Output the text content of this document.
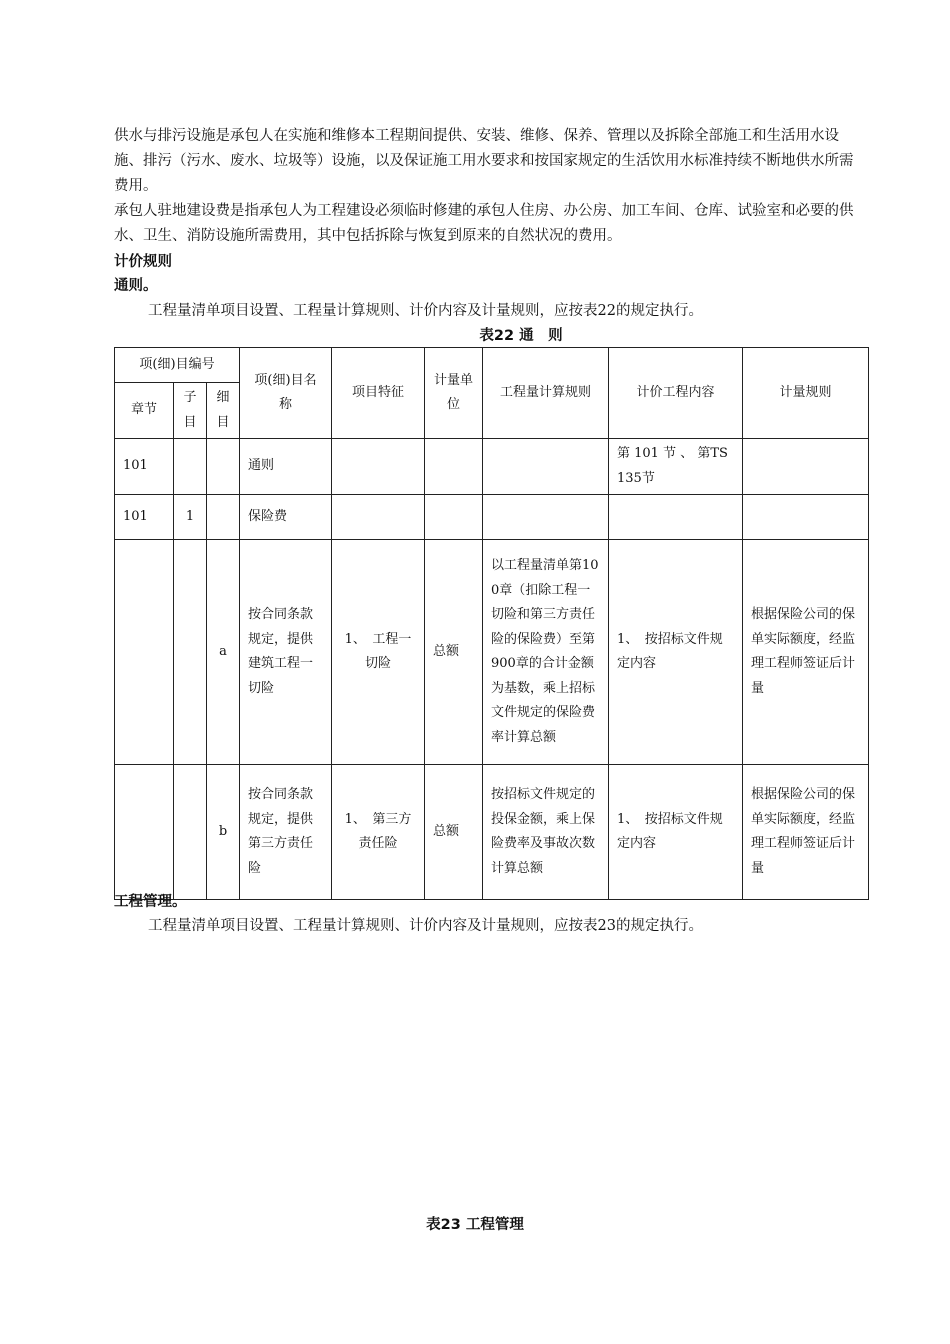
供水与排污设施是承包人在实施和维修本工程期间提供、安装、维修、保养、管理以及拆除全部施工和生活用水设施、排污（污水、废水、垃圾等）设施，以及保证施工用水要求和按国家规定的生活饮用水标准持续不断地供水所需费用。

承包人驻地建设费是指承包人为工程建设必须临时修建的承包人住房、办公房、加工车间、仓库、试验室和必要的供水、卫生、消防设施所需费用，其中包括拆除与恢复到原来的自然状况的费用。

计价规则

通则。

工程量清单项目设置、工程量计算规则、计价内容及计量规则，应按表22的规定执行。

表22 通　则

项(细)目编号			项(细)目名称	项目特征	计量单位	工程量计算规则	计价工程内容	计量规则
章节	子目	细目						
101			通则				第 101 节 、 第TS135节	
101	1		保险费					
		a	按合同条款规定，提供建筑工程一切险	1、　工程一切险	总额	以工程量清单第100章（扣除工程一切险和第三方责任险的保险费）至第900章的合计金额为基数，乘上招标文件规定的保险费率计算总额	1、　按招标文件规定内容	根据保险公司的保单实际额度，经监理工程师签证后计量
		b	按合同条款规定，提供第三方责任险	1、　第三方责任险	总额	按招标文件规定的投保金额，乘上保险费率及事故次数计算总额	1、　按招标文件规定内容	根据保险公司的保单实际额度，经监理工程师签证后计量

工程管理。

工程量清单项目设置、工程量计算规则、计价内容及计量规则，应按表23的规定执行。

表23 工程管理
